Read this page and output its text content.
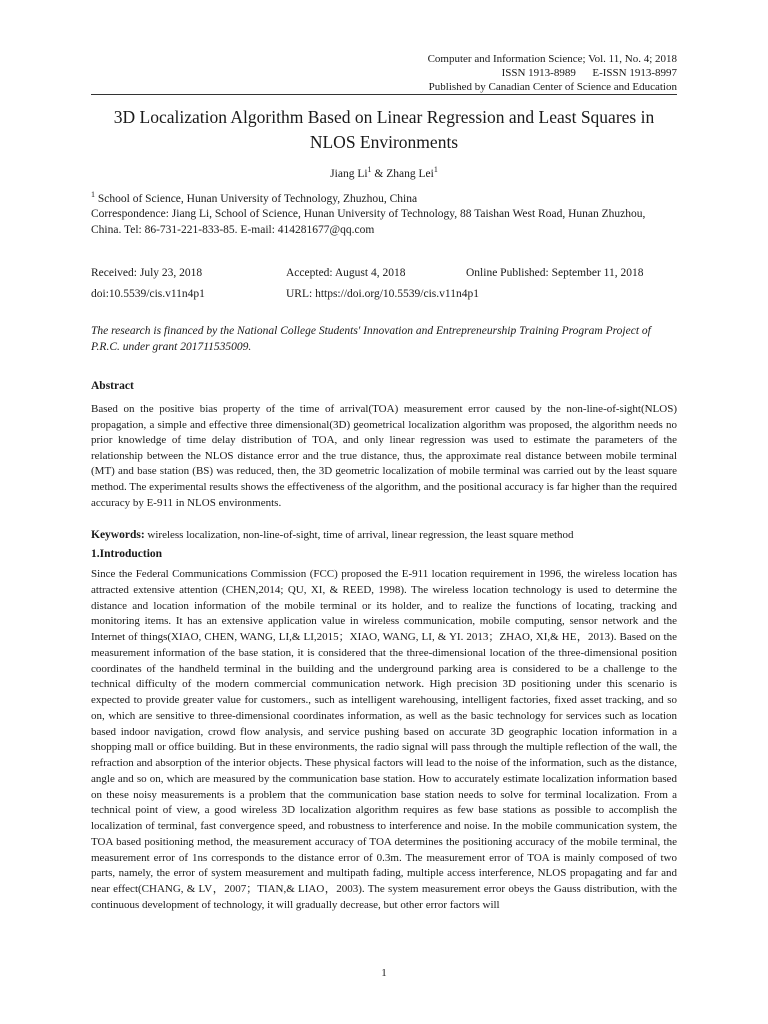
Computer and Information Science; Vol. 11, No. 4; 2018
ISSN 1913-8989      E-ISSN 1913-8997
Published by Canadian Center of Science and Education
3D Localization Algorithm Based on Linear Regression and Least Squares in NLOS Environments
Jiang Li$^1$ & Zhang Lei$^1$
$^1$ School of Science, Hunan University of Technology, Zhuzhou, China
Correspondence: Jiang Li, School of Science, Hunan University of Technology, 88 Taishan West Road, Hunan Zhuzhou, China. Tel: 86-731-221-833-85. E-mail: 414281677@qq.com
Received: July 23, 2018	Accepted: August 4, 2018	Online Published: September 11, 2018
doi:10.5539/cis.v11n4p1	URL: https://doi.org/10.5539/cis.v11n4p1
The research is financed by the National College Students' Innovation and Entrepreneurship Training Program Project of P.R.C. under grant 201711535009.
Abstract
Based on the positive bias property of the time of arrival(TOA) measurement error caused by the non-line-of-sight(NLOS) propagation, a simple and effective three dimensional(3D) geometrical localization algorithm was proposed, the algorithm needs no prior knowledge of time delay distribution of TOA, and only linear regression was used to estimate the parameters of the relationship between the NLOS distance error and the true distance, thus, the approximate real distance between mobile terminal (MT) and base station (BS) was reduced, then, the 3D geometric localization of mobile terminal was carried out by the least square method. The experimental results shows the effectiveness of the algorithm, and the positional accuracy is far higher than the required accuracy by E-911 in NLOS environments.
Keywords: wireless localization, non-line-of-sight, time of arrival, linear regression, the least square method
1.Introduction
Since the Federal Communications Commission (FCC) proposed the E-911 location requirement in 1996, the wireless location has attracted extensive attention (CHEN,2014; QU, XI, & REED, 1998). The wireless location technology is used to determine the distance and location information of the mobile terminal or its holder, and to realize the functions of locating, tracking and monitoring items. It has an extensive application value in wireless communication, mobile computing, sensor network and the Internet of things(XIAO, CHEN, WANG, LI,& LI,2015；XIAO, WANG, LI, & YI. 2013；ZHAO, XI,& HE，2013). Based on the measurement information of the base station, it is considered that the three-dimensional location of the three-dimensional position coordinates of the handheld terminal in the building and the underground parking area is considered to be a challenge to the technical difficulty of the modern commercial communication network. High precision 3D positioning under this scenario is expected to provide greater value for customers., such as intelligent warehousing, intelligent factories, fixed asset tracking, and so on, which are sensitive to three-dimensional coordinates information, as well as the basic technology for services such as location based indoor navigation, crowd flow analysis, and service pushing based on accurate 3D geographic location information in a shopping mall or office building. But in these environments, the radio signal will pass through the multiple reflection of the wall, the refraction and absorption of the interior objects. These physical factors will lead to the noise of the information, such as the distance, angle and so on, which are measured by the communication base station. How to accurately estimate localization information based on these noisy measurements is a problem that the communication base station needs to solve for terminal localization. From a technical point of view, a good wireless 3D localization algorithm requires as few base stations as possible to accomplish the localization of terminal, fast convergence speed, and robustness to interference and noise. In the mobile communication system, the TOA based positioning method, the measurement accuracy of TOA determines the positioning accuracy of the mobile terminal, the measurement error of 1ns corresponds to the distance error of 0.3m. The measurement error of TOA is mainly composed of two parts, namely, the error of system measurement and multipath fading, multiple access interference, NLOS propagating and far and near effect(CHANG, & LV，2007；TIAN,& LIAO，2003). The system measurement error obeys the Gauss distribution, with the continuous development of technology, it will gradually decrease, but other error factors will
1
